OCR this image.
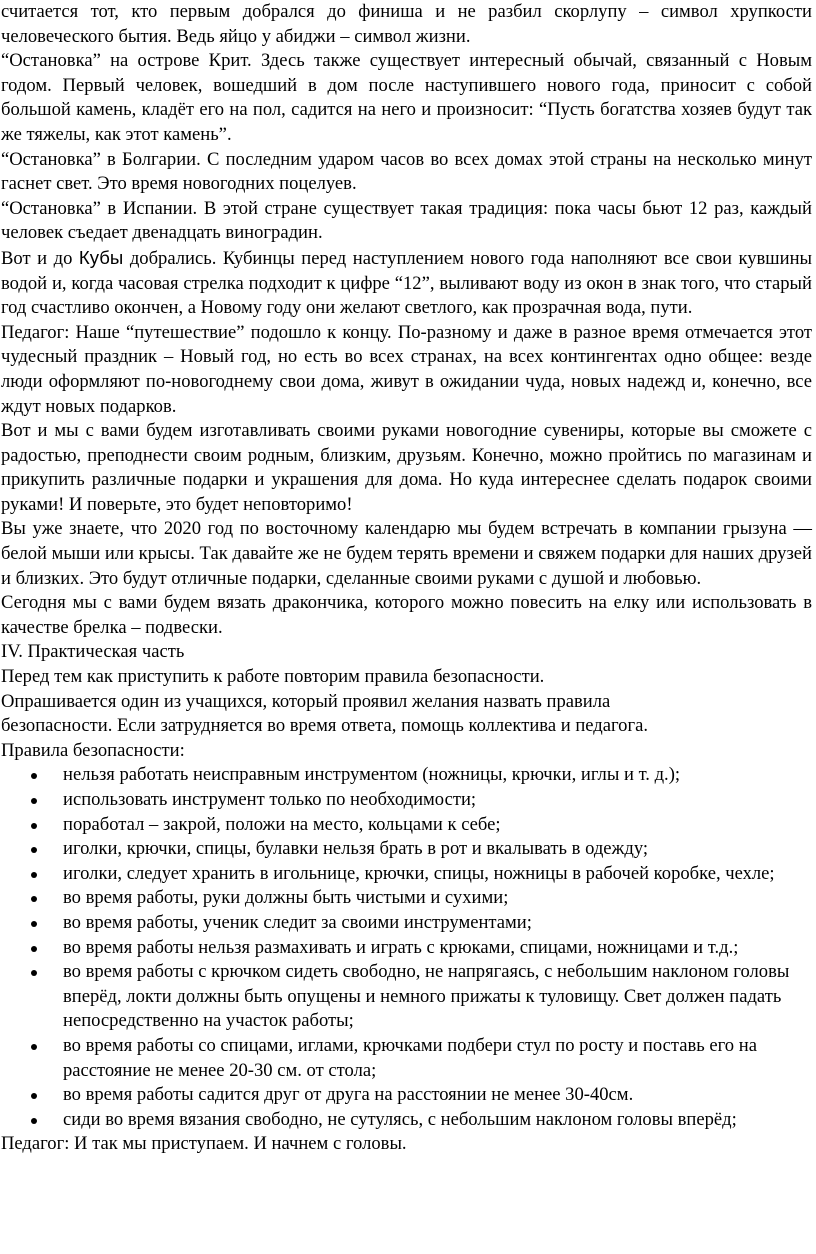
считается тот, кто первым добрался до финиша и не разбил скорлупу – символ хрупкости

человеческого бытия. Ведь яйцо у абиджи – символ жизни.

“Остановка” на острове Крит. Здесь также существует интересный обычай, связанный с Новым годом. Первый человек, вошедший в дом после наступившего нового года, приносит с собой большой камень, кладёт его на пол, садится на него и произносит: “Пусть богатства хозяев будут так же тяжелы, как этот камень”.

“Остановка” в Болгарии. С последним ударом часов во всех домах этой страны на несколько минут гаснет свет. Это время новогодних поцелуев.

“Остановка” в Испании. В этой стране существует такая традиция: пока часы бьют 12 раз, каждый человек съедает двенадцать виноградин.

Вот и до Кубы добрались. Кубинцы перед наступлением нового года наполняют все свои кувшины водой и, когда часовая стрелка подходит к цифре “12”, выливают воду из окон в знак того, что старый год счастливо окончен, а Новому году они желают светлого, как прозрачная вода, пути.

Педагог: Наше “путешествие” подошло к концу. По-разному и даже в разное время отмечается этот чудесный праздник – Новый год, но есть во всех странах, на всех контингентах одно общее: везде люди оформляют по-новогоднему свои дома, живут в ожидании чуда, новых надежд и, конечно, все ждут новых подарков.

Вот и мы с вами будем изготавливать своими руками новогодние сувениры, которые вы сможете с радостью, преподнести своим родным, близким, друзьям. Конечно, можно пройтись по магазинам и прикупить различные подарки и украшения для дома. Но куда интереснее сделать подарок своими руками! И поверьте, это будет неповторимо!

Вы уже знаете, что 2020 год по восточному календарю мы будем встречать в компании грызуна — белой мыши или крысы. Так давайте же не будем терять времени и свяжем подарки для наших друзей и близких. Это будут отличные подарки, сделанные своими руками с душой и любовью.

Сегодня мы с вами будем вязать дракончика, которого можно повесить на елку или использовать в качестве брелка – подвески.

IV. Практическая часть

Перед тем как приступить к работе повторим правила безопасности.

Опрашивается один из учащихся, который проявил желания назвать правила

безопасности. Если затрудняется во время ответа, помощь коллектива и педагога.

Правила безопасности:

нельзя работать неисправным инструментом (ножницы, крючки, иглы и т. д.);
использовать инструмент только по необходимости;
поработал – закрой, положи на место, кольцами к себе;
иголки, крючки, спицы, булавки нельзя брать в рот и вкалывать в одежду;
иголки, следует хранить в игольнице, крючки, спицы, ножницы в рабочей коробке, чехле;
во время работы, руки должны быть чистыми и сухими;
во время работы, ученик следит за своими инструментами;
во время работы нельзя размахивать и играть с крюками, спицами, ножницами и т.д.;
во время работы с крючком сидеть свободно, не напрягаясь, с небольшим наклоном головы вперёд, локти должны быть опущены и немного прижаты к туловищу. Свет должен падать непосредственно на участок работы;
во время работы со спицами, иглами, крючками подбери стул по росту и поставь его на расстояние не менее 20-30 см. от стола;
во время работы садится друг от друга на расстоянии не менее 30-40см.
сиди во время вязания свободно, не сутулясь, с небольшим наклоном головы вперёд;

Педагог: И так мы приступаем. И начнем с головы.
